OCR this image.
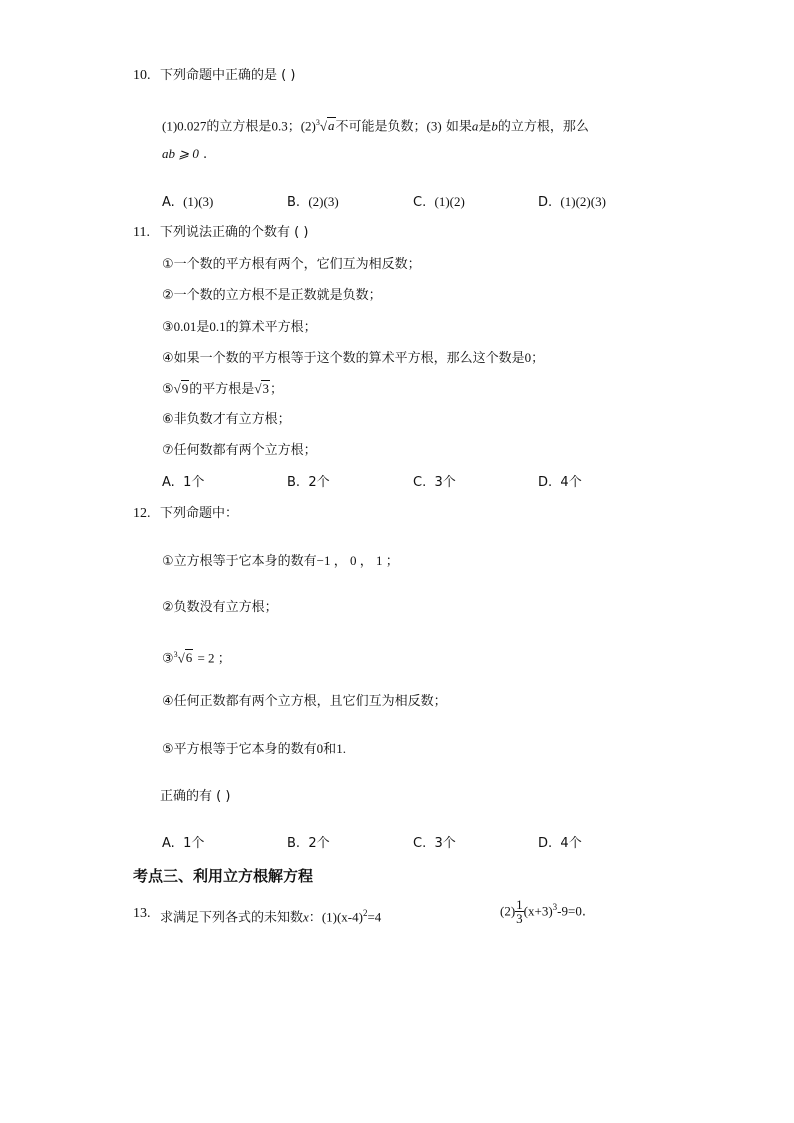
10. 下列命题中正确的是 ( )
(1)0.027的立方根是0.3；$(2)^3√a$不可能是负数；(3) 如果a是b的立方根，那么
ab ⩾ 0 .
A. (1)(3)	B. (2)(3)	C. (1)(2)	D. (1)(2)(3)
11. 下列说法正确的个数有 ( )
①一个数的平方根有两个，它们互为相反数；
②一个数的立方根不是正数就是负数；
③0.01是0.1的算术平方根；
④如果一个数的平方根等于这个数的算术平方根，那么这个数是0；
⑤√9的平方根是√3；
⑥非负数才有立方根；
⑦任何数都有两个立方根；
A. 1个	B. 2个	C. 3个	D. 4个
12. 下列命题中：
①立方根等于它本身的数有−1 ， 0 ， 1 ；
②负数没有立方根；
③$^3$√6 = 2 ；
④任何正数都有两个立方根，且它们互为相反数；
⑤平方根等于它本身的数有0和1.
正确的有 ( )
A. 1个	B. 2个	C. 3个	D. 4个
考点三、利用立方根解方程
13. 求满足下列各式的未知数x：$(1)(x-4)^2=4$	$(2) \frac{1}{3} (x+3)^3-9=0$.
